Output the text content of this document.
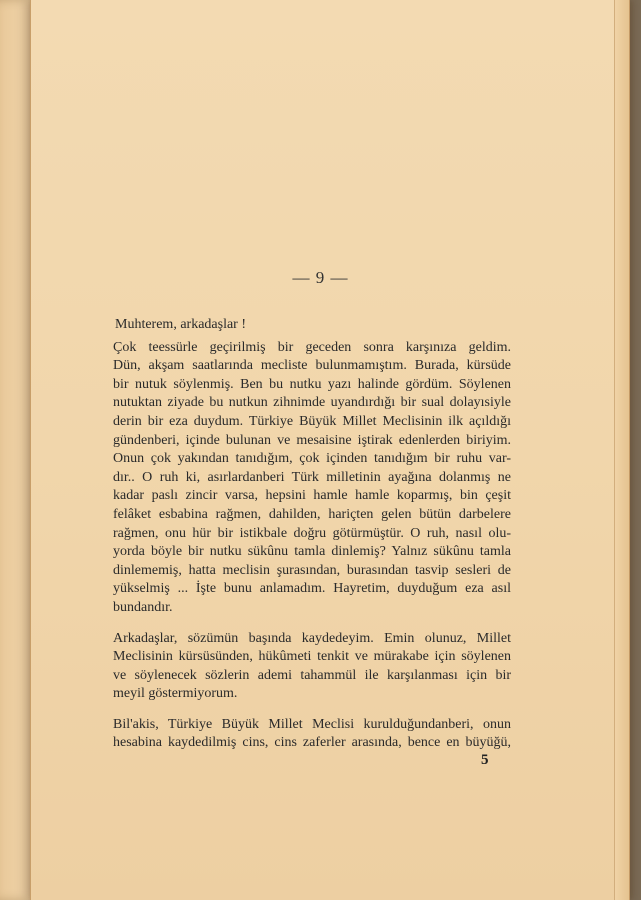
— 9 —
Muhterem, arkadaşlar !
Çok teessürle geçirilmiş bir geceden sonra karşınıza geldim.
Dün, akşam saatlarında mecliste bulunmamıştım. Burada, kürsüde
bir nutuk söylenmiş. Ben bu nutku yazı halinde gördüm. Söylenen
nutuktan ziyade bu nutkun zihnimde uyandırdığı bir sual dolayısiyle
derin bir eza duydum. Türkiye Büyük Millet Meclisinin ilk açıldığı
gündenberi, içinde bulunan ve mesaisine iştirak edenlerden biriyim.
Onun çok yakından tanıdığım, çok içinden tanıdığım bir ruhu var-
dır.. O ruh ki, asırlardanberi Türk milletinin ayağına dolanmış ne
kadar paslı zincir varsa, hepsini hamle hamle koparmış, bin çeşit
felâket esbabina rağmen, dahilden, hariçten gelen bütün darbelere
rağmen, onu hür bir istikbale doğru götürmüştür. O ruh, nasıl olu-
yorda böyle bir nutku sükûnu tamla dinlemiş? Yalnız sükûnu tamla
dinlememiş, hatta meclisin şurasından, burasından tasvip sesleri de
yükselmiş ... İşte bunu anlamadım. Hayretim, duyduğum eza asıl
bundandır.
Arkadaşlar, sözümün başında kaydedeyim. Emin olunuz, Millet
Meclisinin kürsüsünden, hükûmeti tenkit ve mürakabe için söylenen
ve söylenecek sözlerin ademi tahammül ile karşılanması için bir
meyil göstermiyorum.
Bil'akis, Türkiye Büyük Millet Meclisi kurulduğundanberi, onun
hesabina kaydedilmiş cins, cins zaferler arasında, bence en büyüğü,
5
